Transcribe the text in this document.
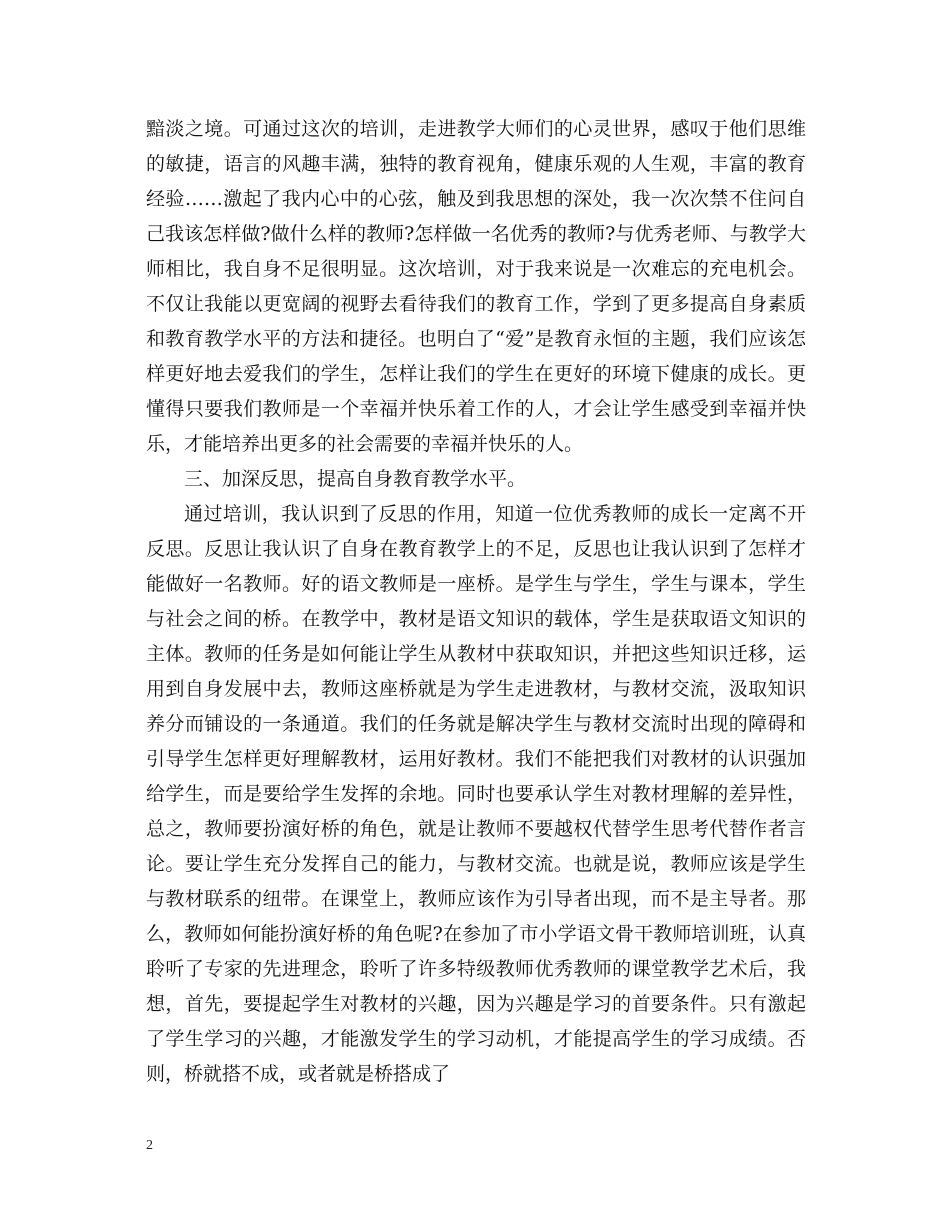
黯淡之境。可通过这次的培训，走进教学大师们的心灵世界，感叹于他们思维的敏捷，语言的风趣丰满，独特的教育视角，健康乐观的人生观，丰富的教育经验……激起了我内心中的心弦，触及到我思想的深处，我一次次禁不住问自己我该怎样做?做什么样的教师?怎样做一名优秀的教师?与优秀老师、与教学大师相比，我自身不足很明显。这次培训，对于我来说是一次难忘的充电机会。不仅让我能以更宽阔的视野去看待我们的教育工作，学到了更多提高自身素质和教育教学水平的方法和捷径。也明白了“爱”是教育永恒的主题，我们应该怎样更好地去爱我们的学生，怎样让我们的学生在更好的环境下健康的成长。更懂得只要我们教师是一个幸福并快乐着工作的人，才会让学生感受到幸福并快乐，才能培养出更多的社会需要的幸福并快乐的人。

三、加深反思，提高自身教育教学水平。

通过培训，我认识到了反思的作用，知道一位优秀教师的成长一定离不开反思。反思让我认识了自身在教育教学上的不足，反思也让我认识到了怎样才能做好一名教师。好的语文教师是一座桥。是学生与学生，学生与课本，学生与社会之间的桥。在教学中，教材是语文知识的载体，学生是获取语文知识的主体。教师的任务是如何能让学生从教材中获取知识，并把这些知识迁移，运用到自身发展中去，教师这座桥就是为学生走进教材，与教材交流，汲取知识养分而铺设的一条通道。我们的任务就是解决学生与教材交流时出现的障碍和引导学生怎样更好理解教材，运用好教材。我们不能把我们对教材的认识强加给学生，而是要给学生发挥的余地。同时也要承认学生对教材理解的差异性，总之，教师要扮演好桥的角色，就是让教师不要越权代替学生思考代替作者言论。要让学生充分发挥自己的能力，与教材交流。也就是说，教师应该是学生与教材联系的纽带。在课堂上，教师应该作为引导者出现，而不是主导者。那么，教师如何能扮演好桥的角色呢?在参加了市小学语文骨干教师培训班，认真聆听了专家的先进理念，聆听了许多特级教师优秀教师的课堂教学艺术后，我想，首先，要提起学生对教材的兴趣，因为兴趣是学习的首要条件。只有激起了学生学习的兴趣，才能激发学生的学习动机，才能提高学生的学习成绩。否则，桥就搭不成，或者就是桥搭成了

2
